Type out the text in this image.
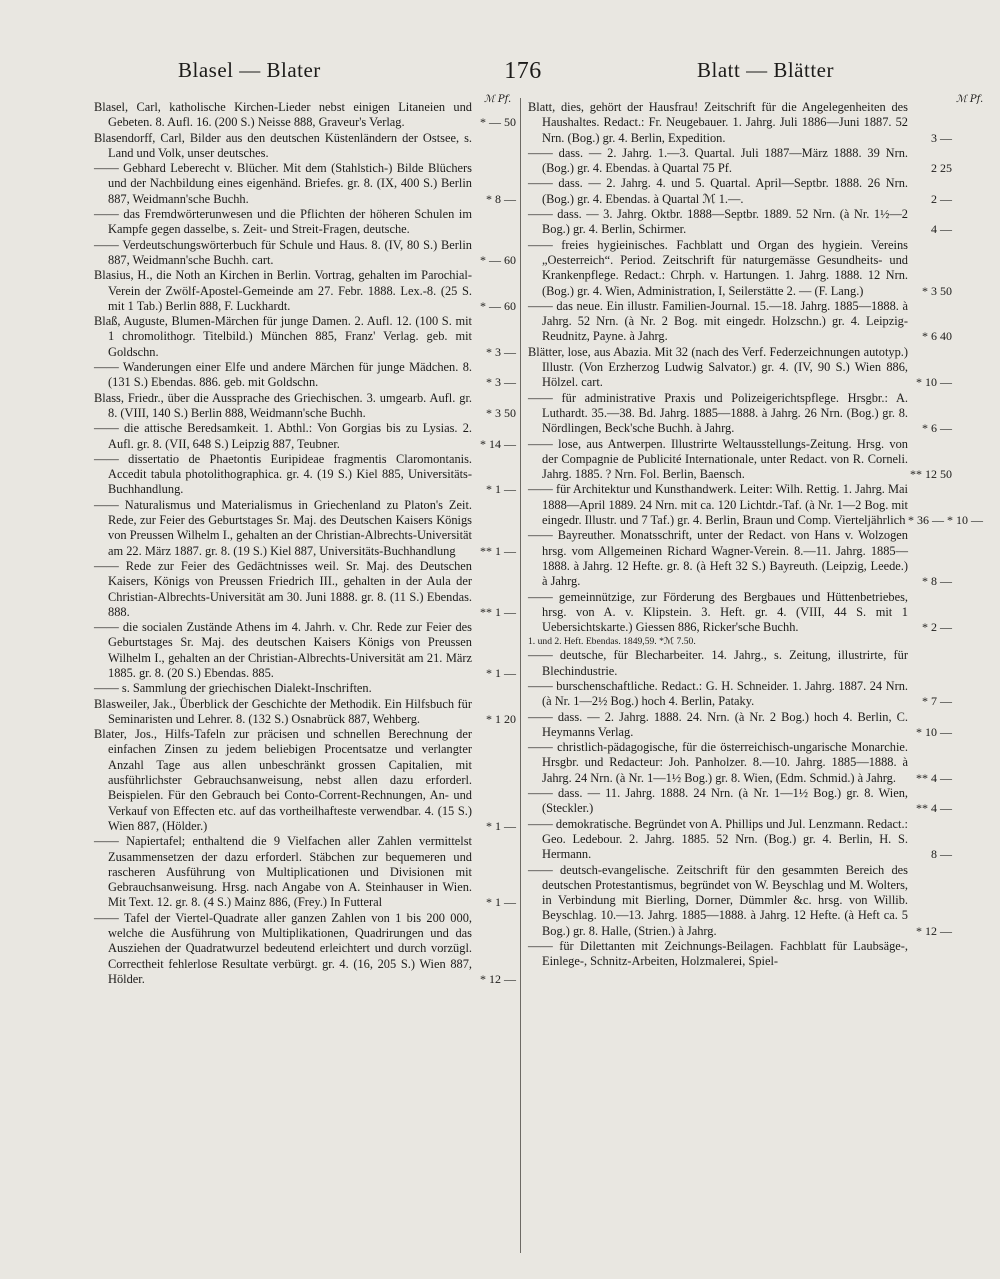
Blasel — Blater	176	Blatt — Blätter
ℳ Pf.	ℳ Pf.
Blasel, Carl, katholische Kirchen-Lieder nebst einigen Litaneien und Gebeten. 8. Aufl. 16. (200 S.) Neisse 888, Graveur's Verlag.	* — 50
Blasendorff, Carl, Bilder aus den deutschen Küstenländern der Ostsee, s. Land und Volk, unser deutsches.
—— Gebhard Leberecht v. Blücher. Mit dem (Stahlstich-) Bilde Blüchers und der Nachbildung eines eigenhänd. Briefes. gr. 8. (IX, 400 S.) Berlin 887, Weidmann'sche Buchh.	* 8 —
—— das Fremdwörterunwesen und die Pflichten der höheren Schulen im Kampfe gegen dasselbe, s. Zeit- und Streit-Fragen, deutsche.
—— Verdeutschungswörterbuch für Schule und Haus. 8. (IV, 80 S.) Berlin 887, Weidmann'sche Buchh. cart.	* — 60
Blasius, H., die Noth an Kirchen in Berlin. Vortrag, gehalten im Parochial-Verein der Zwölf-Apostel-Gemeinde am 27. Febr. 1888. Lex.-8. (25 S. mit 1 Tab.) Berlin 888, F. Luckhardt.	* — 60
Blaß, Auguste, Blumen-Märchen für junge Damen. 2. Aufl. 12. (100 S. mit 1 chromolithogr. Titelbild.) München 885, Franz' Verlag. geb. mit Goldschn.	* 3 —
—— Wanderungen einer Elfe und andere Märchen für junge Mädchen. 8. (131 S.) Ebendas. 886. geb. mit Goldschn.	* 3 —
Blass, Friedr., über die Aussprache des Griechischen. 3. umgearb. Aufl. gr. 8. (VIII, 140 S.) Berlin 888, Weidmann'sche Buchh.	* 3 50
—— die attische Beredsamkeit. 1. Abthl.: Von Gorgias bis zu Lysias. 2. Aufl. gr. 8. (VII, 648 S.) Leipzig 887, Teubner.	* 14 —
—— dissertatio de Phaetontis Euripideae fragmentis Claromontanis. Accedit tabula photolithographica. gr. 4. (19 S.) Kiel 885, Universitäts-Buchhandlung.	* 1 —
—— Naturalismus und Materialismus in Griechenland zu Platon's Zeit. Rede, zur Feier des Geburtstages Sr. Maj. des Deutschen Kaisers Königs von Preussen Wilhelm I., gehalten an der Christian-Albrechts-Universität am 22. März 1887. gr. 8. (19 S.) Kiel 887, Universitäts-Buchhandlung	** 1 —
—— Rede zur Feier des Gedächtnisses weil. Sr. Maj. des Deutschen Kaisers, Königs von Preussen Friedrich III., gehalten in der Aula der Christian-Albrechts-Universität am 30. Juni 1888. gr. 8. (11 S.) Ebendas. 888.	** 1 —
—— die socialen Zustände Athens im 4. Jahrh. v. Chr. Rede zur Feier des Geburtstages Sr. Maj. des deutschen Kaisers Königs von Preussen Wilhelm I., gehalten an der Christian-Albrechts-Universität am 21. März 1885. gr. 8. (20 S.) Ebendas. 885.	* 1 —
—— s. Sammlung der griechischen Dialekt-Inschriften.
Blasweiler, Jak., Überblick der Geschichte der Methodik. Ein Hilfsbuch für Seminaristen und Lehrer. 8. (132 S.) Osnabrück 887, Wehberg.	* 1 20
Blater, Jos., Hilfs-Tafeln zur präcisen und schnellen Berechnung der einfachen Zinsen zu jedem beliebigen Procentsatze und verlangter Anzahl Tage aus allen unbeschränkt grossen Capitalien, mit ausführlichster Gebrauchsanweisung, nebst allen dazu erforderl. Beispielen. Für den Gebrauch bei Conto-Corrent-Rechnungen, An- und Verkauf von Effecten etc. auf das vortheilhafteste verwendbar. 4. (15 S.) Wien 887, (Hölder.)	* 1 —
—— Napiertafel; enthaltend die 9 Vielfachen aller Zahlen vermittelst Zusammensetzen der dazu erforderl. Stäbchen zur bequemeren und rascheren Ausführung von Multiplicationen und Divisionen mit Gebrauchsanweisung. Hrsg. nach Angabe von A. Steinhauser in Wien. Mit Text. 12. gr. 8. (4 S.) Mainz 886, (Frey.) In Futteral	* 1 —
—— Tafel der Viertel-Quadrate aller ganzen Zahlen von 1 bis 200 000, welche die Ausführung von Multiplikationen, Quadrirungen und das Ausziehen der Quadratwurzel bedeutend erleichtert und durch vorzügl. Correctheit fehlerlose Resultate verbürgt. gr. 4. (16, 205 S.) Wien 887, Hölder.	* 12 —
Blatt, dies, gehört der Hausfrau! Zeitschrift für die Angelegenheiten des Haushaltes. Redact.: Fr. Neugebauer. 1. Jahrg. Juli 1886—Juni 1887. 52 Nrn. (Bog.) gr. 4. Berlin, Expedition.	3 —
—— dass. — 2. Jahrg. 1.—3. Quartal. Juli 1887—März 1888. 39 Nrn. (Bog.) gr. 4. Ebendas. à Quartal 75 Pf.	2 25
—— dass. — 2. Jahrg. 4. und 5. Quartal. April—Septbr. 1888. 26 Nrn. (Bog.) gr. 4. Ebendas. à Quartal ℳ 1.—.	2 —
—— dass. — 3. Jahrg. Oktbr. 1888—Septbr. 1889. 52 Nrn. (à Nr. 1½—2 Bog.) gr. 4. Berlin, Schirmer.	4 —
—— freies hygieinisches. Fachblatt und Organ des hygiein. Vereins „Oesterreich“. Period. Zeitschrift für naturgemässe Gesundheits- und Krankenpflege. Redact.: Chrph. v. Hartungen. 1. Jahrg. 1888. 12 Nrn. (Bog.) gr. 4. Wien, Administration, I, Seilerstätte 2. — (F. Lang.)	* 3 50
—— das neue. Ein illustr. Familien-Journal. 15.—18. Jahrg. 1885—1888. à Jahrg. 52 Nrn. (à Nr. 2 Bog. mit eingedr. Holzschn.) gr. 4. Leipzig-Reudnitz, Payne. à Jahrg.	* 6 40
Blätter, lose, aus Abazia. Mit 32 (nach des Verf. Federzeichnungen autotyp.) Illustr. (Von Erzherzog Ludwig Salvator.) gr. 4. (IV, 90 S.) Wien 886, Hölzel. cart.	* 10 —
—— für administrative Praxis und Polizeigerichtspflege. Hrsgbr.: A. Luthardt. 35.—38. Bd. Jahrg. 1885—1888. à Jahrg. 26 Nrn. (Bog.) gr. 8. Nördlingen, Beck'sche Buchh. à Jahrg.	* 6 —
—— lose, aus Antwerpen. Illustrirte Weltausstellungs-Zeitung. Hrsg. von der Compagnie de Publicité Internationale, unter Redact. von R. Corneli. Jahrg. 1885. ? Nrn. Fol. Berlin, Baensch.	** 12 50
—— für Architektur und Kunsthandwerk. Leiter: Wilh. Rettig. 1. Jahrg. Mai 1888—April 1889. 24 Nrn. mit ca. 120 Lichtdr.-Taf. (à Nr. 1—2 Bog. mit eingedr. Illustr. und 7 Taf.) gr. 4. Berlin, Braun und Comp. Vierteljährlich * 36 — * 10 —
—— Bayreuther. Monatsschrift, unter der Redact. von Hans v. Wolzogen hrsg. vom Allgemeinen Richard Wagner-Verein. 8.—11. Jahrg. 1885—1888. à Jahrg. 12 Hefte. gr. 8. (à Heft 32 S.) Bayreuth. (Leipzig, Leede.) à Jahrg.	* 8 —
—— gemeinnützige, zur Förderung des Bergbaues und Hüttenbetriebes, hrsg. von A. v. Klipstein. 3. Heft. gr. 4. (VIII, 44 S. mit 1 Uebersichtskarte.) Giessen 886, Ricker'sche Buchh.	* 2 —
1. und 2. Heft. Ebendas. 1849,59. *ℳ 7.50.
—— deutsche, für Blecharbeiter. 14. Jahrg., s. Zeitung, illustrirte, für Blechindustrie.
—— burschenschaftliche. Redact.: G. H. Schneider. 1. Jahrg. 1887. 24 Nrn. (à Nr. 1—2½ Bog.) hoch 4. Berlin, Pataky.	* 7 —
—— dass. — 2. Jahrg. 1888. 24. Nrn. (à Nr. 2 Bog.) hoch 4. Berlin, C. Heymanns Verlag.	* 10 —
—— christlich-pädagogische, für die österreichisch-ungarische Monarchie. Hrsgbr. und Redacteur: Joh. Panholzer. 8.—10. Jahrg. 1885—1888. à Jahrg. 24 Nrn. (à Nr. 1—1½ Bog.) gr. 8. Wien, (Edm. Schmid.) à Jahrg.	** 4 —
—— dass. — 11. Jahrg. 1888. 24 Nrn. (à Nr. 1—1½ Bog.) gr. 8. Wien, (Steckler.)	** 4 —
—— demokratische. Begründet von A. Phillips und Jul. Lenzmann. Redact.: Geo. Ledebour. 2. Jahrg. 1885. 52 Nrn. (Bog.) gr. 4. Berlin, H. S. Hermann.	8 —
—— deutsch-evangelische. Zeitschrift für den gesammten Bereich des deutschen Protestantismus, begründet von W. Beyschlag und M. Wolters, in Verbindung mit Bierling, Dorner, Dümmler &c. hrsg. von Willib. Beyschlag. 10.—13. Jahrg. 1885—1888. à Jahrg. 12 Hefte. (à Heft ca. 5 Bog.) gr. 8. Halle, (Strien.) à Jahrg.	* 12 —
—— für Dilettanten mit Zeichnungs-Beilagen. Fachblatt für Laubsäge-, Einlege-, Schnitz-Arbeiten, Holzmalerei, Spiel-
